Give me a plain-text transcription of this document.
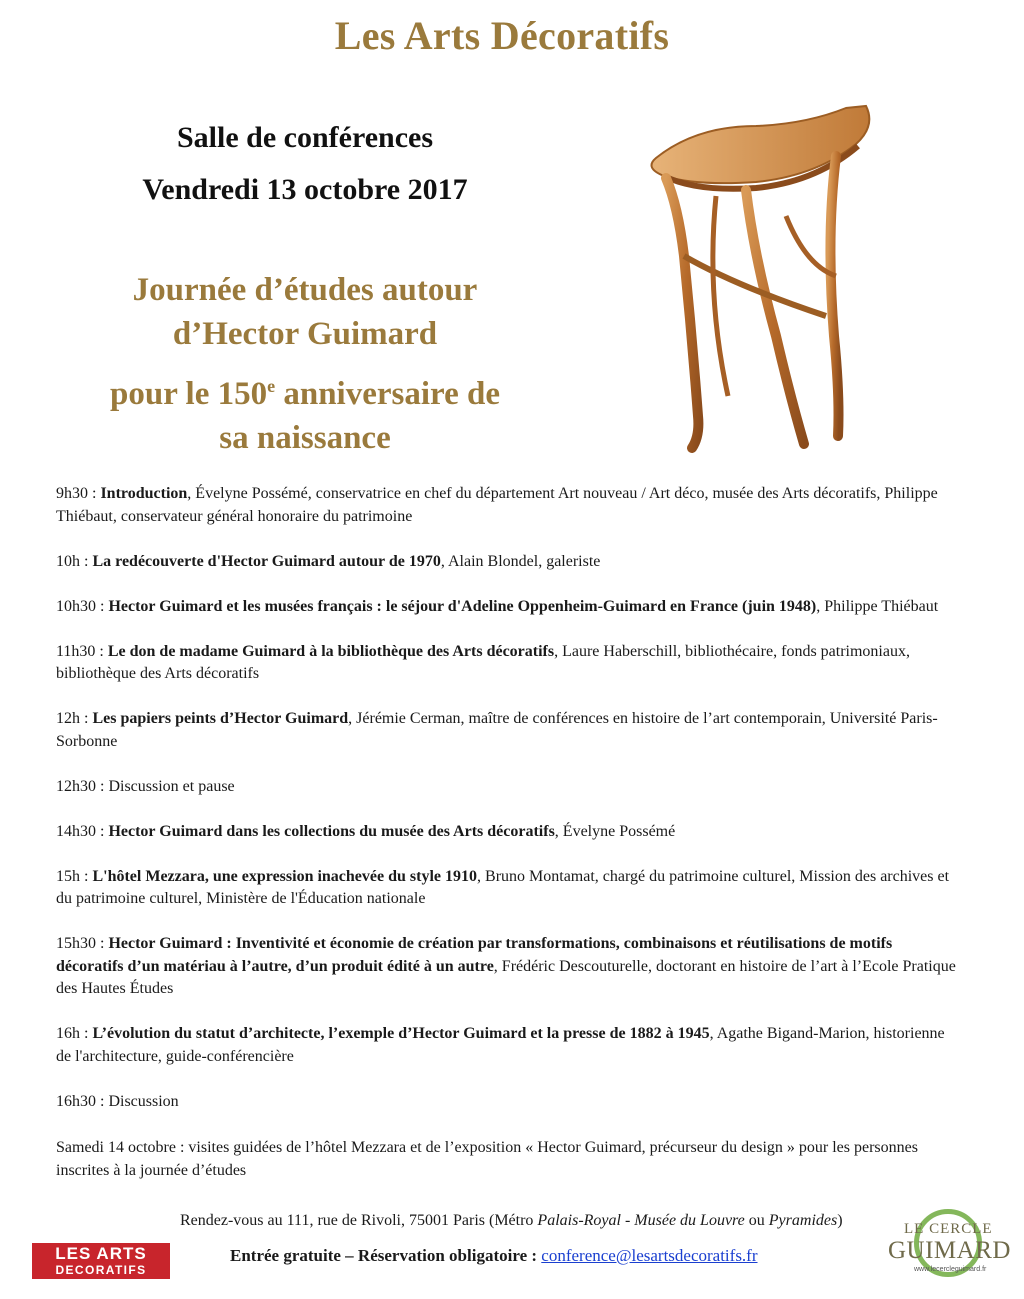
Les Arts Décoratifs
Salle de conférences
Vendredi 13 octobre 2017
Journée d’études autour
d’Hector Guimard
pour le 150e anniversaire de
sa naissance
9h30 : Introduction, Évelyne Possémé, conservatrice en chef du département Art nouveau / Art déco, musée des Arts décoratifs, Philippe Thiébaut, conservateur général honoraire du patrimoine
10h : La redécouverte d'Hector Guimard autour de 1970, Alain Blondel, galeriste
10h30 : Hector Guimard et les musées français : le séjour d'Adeline Oppenheim-Guimard en France (juin 1948), Philippe Thiébaut
11h30 : Le don de madame Guimard à la bibliothèque des Arts décoratifs, Laure Haberschill, bibliothécaire, fonds patrimoniaux, bibliothèque des Arts décoratifs
12h : Les papiers peints d’Hector Guimard, Jérémie Cerman, maître de conférences en histoire de l’art contemporain, Université Paris-Sorbonne
12h30 : Discussion et pause
14h30 : Hector Guimard dans les collections du musée des Arts décoratifs, Évelyne Possémé
15h : L'hôtel Mezzara, une expression inachevée du style 1910, Bruno Montamat, chargé du patrimoine culturel, Mission des archives et du patrimoine culturel, Ministère de l'Éducation nationale
15h30 : Hector Guimard : Inventivité et économie de création par transformations, combinaisons et réutilisations de motifs décoratifs d’un matériau à l’autre, d’un produit édité à un autre, Frédéric Descouturelle, doctorant en histoire de l’art à l’Ecole Pratique des Hautes Études
16h : L’évolution du statut d’architecte, l’exemple d’Hector Guimard et la presse de 1882 à 1945, Agathe Bigand-Marion, historienne de l'architecture, guide-conférencière
16h30 : Discussion
Samedi 14 octobre : visites guidées de l’hôtel Mezzara et de l’exposition « Hector Guimard, précurseur du design » pour les personnes inscrites à la journée d’études
Rendez-vous au 111, rue de Rivoli, 75001 Paris (Métro Palais-Royal - Musée du Louvre ou Pyramides)
Entrée gratuite – Réservation obligatoire : conference@lesartsdecoratifs.fr
LES ARTS
DECORATIFS
LE CERCLE
GUIMARD
www.lecercleguimard.fr
